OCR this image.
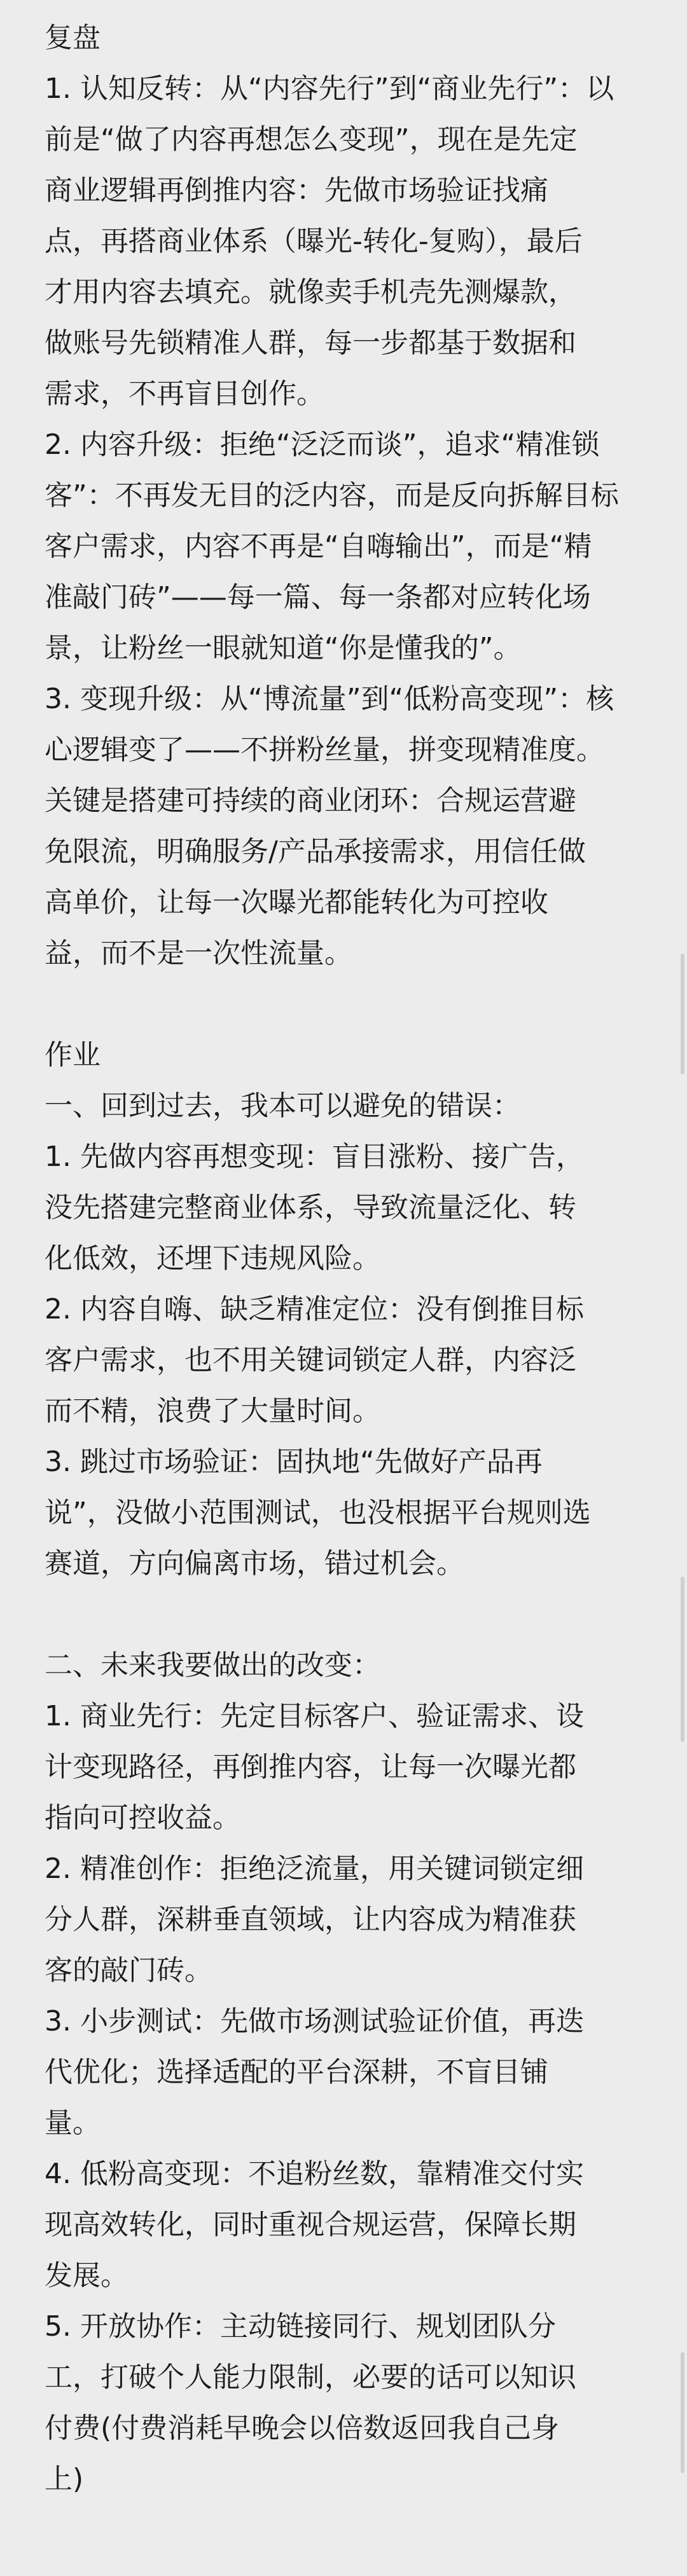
复盘
1. 认知反转：从“内容先行”到“商业先行”：以
前是“做了内容再想怎么变现”，现在是先定
商业逻辑再倒推内容：先做市场验证找痛
点，再搭商业体系（曝光-转化-复购），最后
才用内容去填充。就像卖手机壳先测爆款，
做账号先锁精准人群，每一步都基于数据和
需求，不再盲目创作。
2. 内容升级：拒绝“泛泛而谈”，追求“精准锁
客”：不再发无目的泛内容，而是反向拆解目标
客户需求，内容不再是“自嗨输出”，而是“精
准敲门砖”——每一篇、每一条都对应转化场
景，让粉丝一眼就知道“你是懂我的”。
3. 变现升级：从“博流量”到“低粉高变现”：核
心逻辑变了——不拼粉丝量，拼变现精准度。
关键是搭建可持续的商业闭环：合规运营避
免限流，明确服务/产品承接需求，用信任做
高单价，让每一次曝光都能转化为可控收
益，而不是一次性流量。
作业
一、回到过去，我本可以避免的错误：
1. 先做内容再想变现：盲目涨粉、接广告，
没先搭建完整商业体系，导致流量泛化、转
化低效，还埋下违规风险。
2. 内容自嗨、缺乏精准定位：没有倒推目标
客户需求，也不用关键词锁定人群，内容泛
而不精，浪费了大量时间。
3. 跳过市场验证：固执地“先做好产品再
说”，没做小范围测试，也没根据平台规则选
赛道，方向偏离市场，错过机会。
二、未来我要做出的改变：
1. 商业先行：先定目标客户、验证需求、设
计变现路径，再倒推内容，让每一次曝光都
指向可控收益。
2. 精准创作：拒绝泛流量，用关键词锁定细
分人群，深耕垂直领域，让内容成为精准获
客的敲门砖。
3. 小步测试：先做市场测试验证价值，再迭
代优化；选择适配的平台深耕，不盲目铺
量。
4. 低粉高变现：不追粉丝数，靠精准交付实
现高效转化，同时重视合规运营，保障长期
发展。
5. 开放协作：主动链接同行、规划团队分
工，打破个人能力限制，必要的话可以知识
付费(付费消耗早晚会以倍数返回我自己身
上)
